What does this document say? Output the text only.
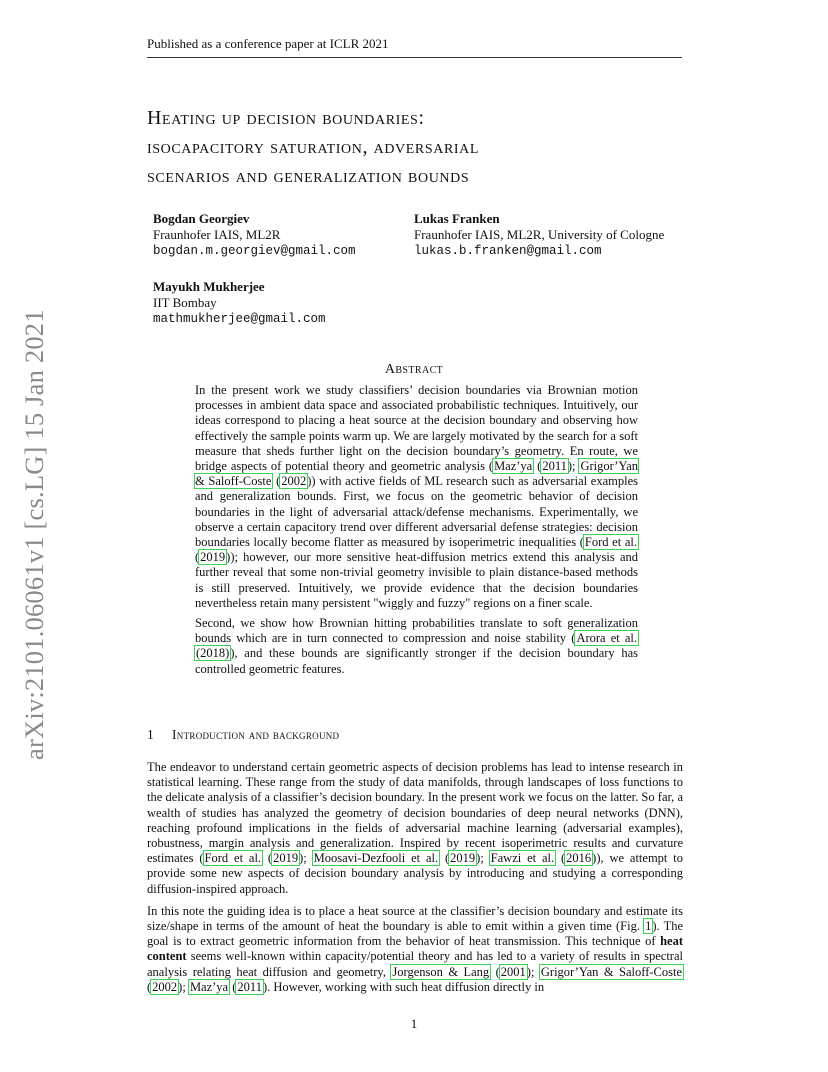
Published as a conference paper at ICLR 2021
arXiv:2101.06061v1 [cs.LG] 15 Jan 2021
Heating up decision boundaries:
isocapacitory saturation, adversarial
scenarios and generalization bounds
Bogdan Georgiev
Fraunhofer IAIS, ML2R
bogdan.m.georgiev@gmail.com
Lukas Franken
Fraunhofer IAIS, ML2R, University of Cologne
lukas.b.franken@gmail.com
Mayukh Mukherjee
IIT Bombay
mathmukherjee@gmail.com
Abstract

In the present work we study classifiers’ decision boundaries via Brownian motion processes in ambient data space and associated probabilistic techniques. Intuitively, our ideas correspond to placing a heat source at the decision boundary and observing how effectively the sample points warm up. We are largely motivated by the search for a soft measure that sheds further light on the decision boundary’s geometry. En route, we bridge aspects of potential theory and geometric analysis (Maz’ya (2011); Grigor’Yan & Saloff-Coste (2002)) with active fields of ML research such as adversarial examples and generalization bounds. First, we focus on the geometric behavior of decision boundaries in the light of adversarial attack/defense mechanisms. Experimentally, we observe a certain capacitory trend over different adversarial defense strategies: decision boundaries locally become flatter as measured by isoperimetric inequalities (Ford et al. (2019)); however, our more sensitive heat-diffusion metrics extend this analysis and further reveal that some non-trivial geometry invisible to plain distance-based methods is still preserved. Intuitively, we provide evidence that the decision boundaries nevertheless retain many persistent "wiggly and fuzzy" regions on a finer scale.

Second, we show how Brownian hitting probabilities translate to soft generalization bounds which are in turn connected to compression and noise stability (Arora et al. (2018)), and these bounds are significantly stronger if the decision boundary has controlled geometric features.

1 Introduction and background

The endeavor to understand certain geometric aspects of decision problems has lead to intense research in statistical learning. These range from the study of data manifolds, through landscapes of loss functions to the delicate analysis of a classifier’s decision boundary. In the present work we focus on the latter. So far, a wealth of studies has analyzed the geometry of decision boundaries of deep neural networks (DNN), reaching profound implications in the fields of adversarial machine learning (adversarial examples), robustness, margin analysis and generalization. Inspired by recent isoperimetric results and curvature estimates (Ford et al. (2019); Moosavi-Dezfooli et al. (2019); Fawzi et al. (2016)), we attempt to provide some new aspects of decision boundary analysis by introducing and studying a corresponding diffusion-inspired approach.

In this note the guiding idea is to place a heat source at the classifier’s decision boundary and estimate its size/shape in terms of the amount of heat the boundary is able to emit within a given time (Fig. 1). The goal is to extract geometric information from the behavior of heat transmission. This technique of heat content seems well-known within capacity/potential theory and has led to a variety of results in spectral analysis relating heat diffusion and geometry, Jorgenson & Lang (2001); Grigor’Yan & Saloff-Coste (2002); Maz’ya (2011). However, working with such heat diffusion directly in

1
